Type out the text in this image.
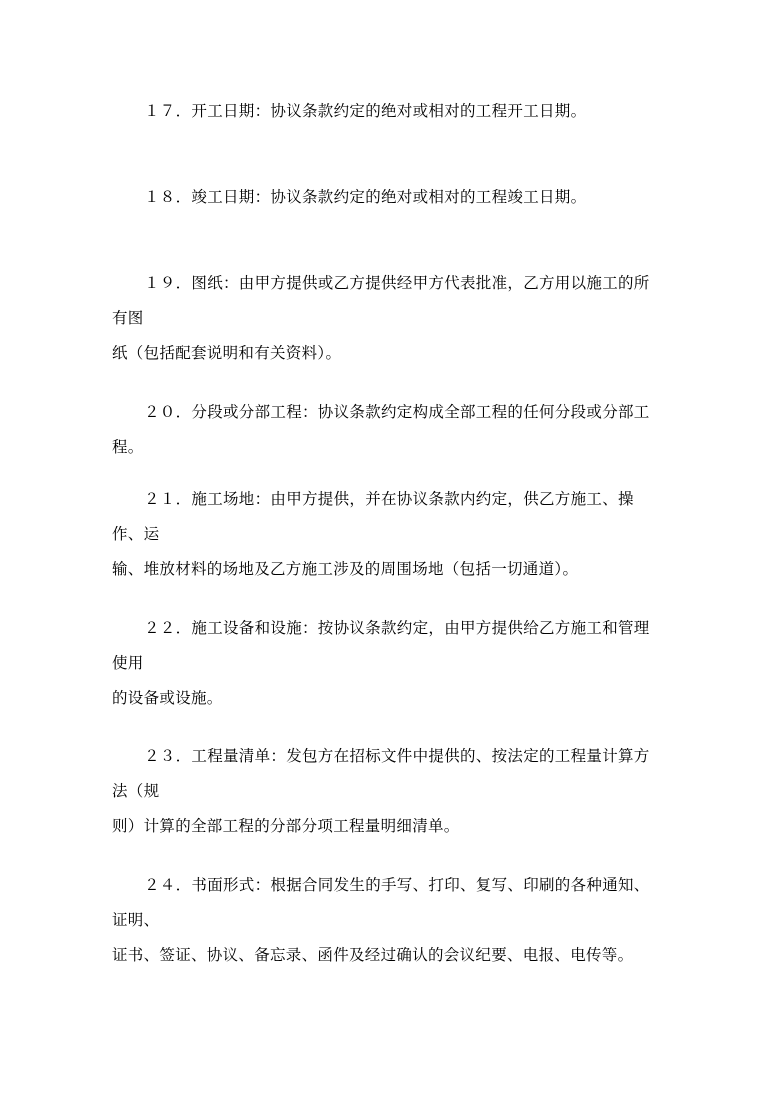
１７．开工日期：协议条款约定的绝对或相对的工程开工日期。

１８．竣工日期：协议条款约定的绝对或相对的工程竣工日期。

１９．图纸：由甲方提供或乙方提供经甲方代表批准，乙方用以施工的所有图
纸（包括配套说明和有关资料）。

２０．分段或分部工程：协议条款约定构成全部工程的任何分段或分部工程。

２１．施工场地：由甲方提供，并在协议条款内约定，供乙方施工、操作、运
输、堆放材料的场地及乙方施工涉及的周围场地（包括一切通道）。

２２．施工设备和设施：按协议条款约定，由甲方提供给乙方施工和管理使用
的设备或设施。

２３．工程量清单：发包方在招标文件中提供的、按法定的工程量计算方法（规
则）计算的全部工程的分部分项工程量明细清单。

２４．书面形式：根据合同发生的手写、打印、复写、印刷的各种通知、证明、
证书、签证、协议、备忘录、函件及经过确认的会议纪要、电报、电传等。
